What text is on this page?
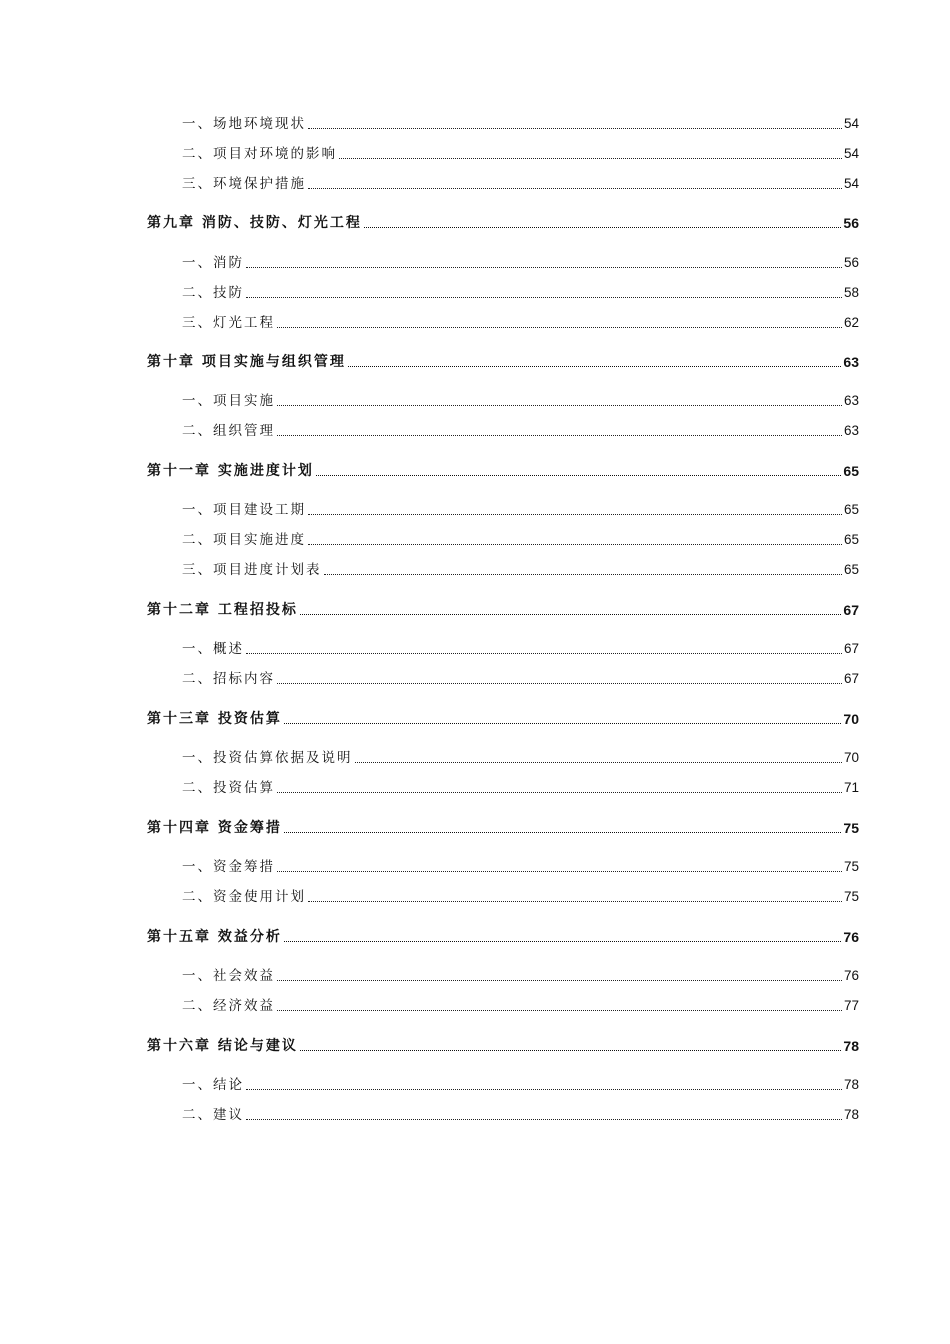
一、场地环境现状	54
二、项目对环境的影响	54
三、环境保护措施	54
第九章 消防、技防、灯光工程	56
一、消防	56
二、技防	58
三、灯光工程	62
第十章 项目实施与组织管理	63
一、项目实施	63
二、组织管理	63
第十一章 实施进度计划	65
一、项目建设工期	65
二、项目实施进度	65
三、项目进度计划表	65
第十二章 工程招投标	67
一、概述	67
二、招标内容	67
第十三章 投资估算	70
一、投资估算依据及说明	70
二、投资估算	71
第十四章 资金筹措	75
一、资金筹措	75
二、资金使用计划	75
第十五章 效益分析	76
一、社会效益	76
二、经济效益	77
第十六章 结论与建议	78
一、结论	78
二、建议	78
